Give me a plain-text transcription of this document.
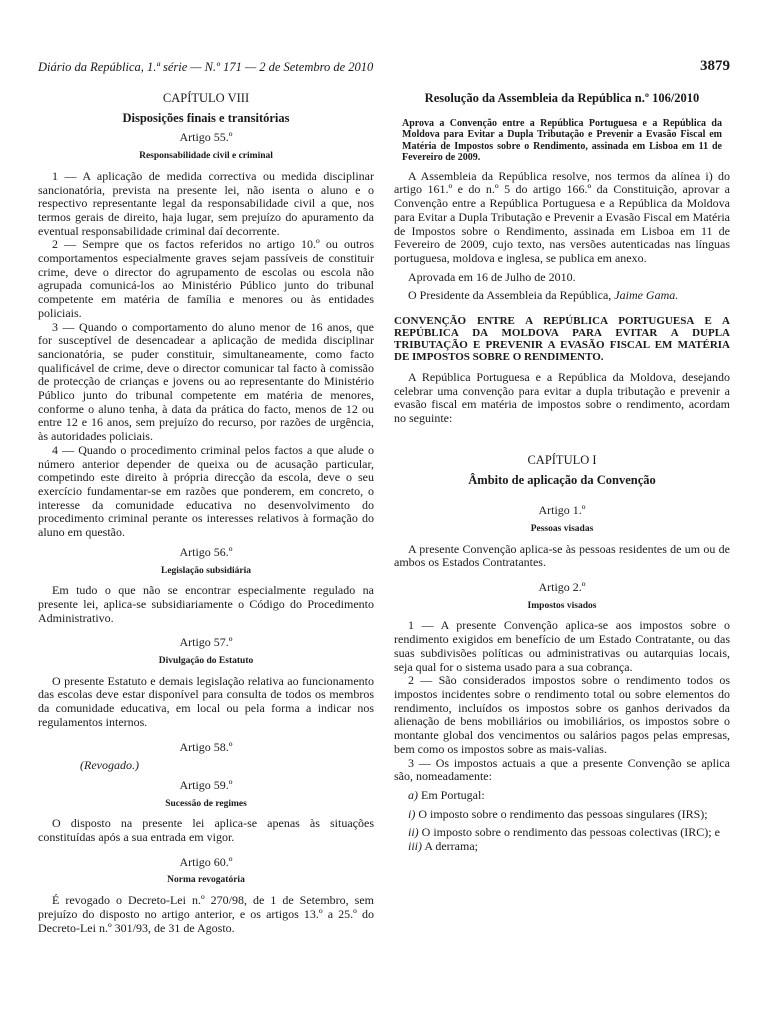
Diário da República, 1.ª série — N.º 171 — 2 de Setembro de 2010	3879
CAPÍTULO VIII
Disposições finais e transitórias
Artigo 55.º
Responsabilidade civil e criminal

1 — A aplicação de medida correctiva ou medida disciplinar sancionatória, prevista na presente lei, não isenta o aluno e o respectivo representante legal da responsabilidade civil a que, nos termos gerais de direito, haja lugar, sem prejuízo do apuramento da eventual responsabilidade criminal daí decorrente.

2 — Sempre que os factos referidos no artigo 10.º ou outros comportamentos especialmente graves sejam passíveis de constituir crime, deve o director do agrupamento de escolas ou escola não agrupada comunicá-los ao Ministério Público junto do tribunal competente em matéria de família e menores ou às entidades policiais.

3 — Quando o comportamento do aluno menor de 16 anos, que for susceptível de desencadear a aplicação de medida disciplinar sancionatória, se puder constituir, simultaneamente, como facto qualificável de crime, deve o director comunicar tal facto à comissão de protecção de crianças e jovens ou ao representante do Ministério Público junto do tribunal competente em matéria de menores, conforme o aluno tenha, à data da prática do facto, menos de 12 ou entre 12 e 16 anos, sem prejuízo do recurso, por razões de urgência, às autoridades policiais.

4 — Quando o procedimento criminal pelos factos a que alude o número anterior depender de queixa ou de acusação particular, competindo este direito à própria direcção da escola, deve o seu exercício fundamentar-se em razões que ponderem, em concreto, o interesse da comunidade educativa no desenvolvimento do procedimento criminal perante os interesses relativos à formação do aluno em questão.

Artigo 56.º
Legislação subsidiária

Em tudo o que não se encontrar especialmente regulado na presente lei, aplica-se subsidiariamente o Código do Procedimento Administrativo.

Artigo 57.º
Divulgação do Estatuto

O presente Estatuto e demais legislação relativa ao funcionamento das escolas deve estar disponível para consulta de todos os membros da comunidade educativa, em local ou pela forma a indicar nos regulamentos internos.

Artigo 58.º

(Revogado.)

Artigo 59.º
Sucessão de regimes

O disposto na presente lei aplica-se apenas às situações constituídas após a sua entrada em vigor.

Artigo 60.º
Norma revogatória

É revogado o Decreto-Lei n.º 270/98, de 1 de Setembro, sem prejuízo do disposto no artigo anterior, e os artigos 13.º a 25.º do Decreto-Lei n.º 301/93, de 31 de Agosto.

Resolução da Assembleia da República n.º 106/2010
Aprova a Convenção entre a República Portuguesa e a República da Moldova para Evitar a Dupla Tributação e Prevenir a Evasão Fiscal em Matéria de Impostos sobre o Rendimento, assinada em Lisboa em 11 de Fevereiro de 2009.

A Assembleia da República resolve, nos termos da alínea i) do artigo 161.º e do n.º 5 do artigo 166.º da Constituição, aprovar a Convenção entre a República Portuguesa e a República da Moldova para Evitar a Dupla Tributação e Prevenir a Evasão Fiscal em Matéria de Impostos sobre o Rendimento, assinada em Lisboa em 11 de Fevereiro de 2009, cujo texto, nas versões autenticadas nas línguas portuguesa, moldova e inglesa, se publica em anexo.

Aprovada em 16 de Julho de 2010.

O Presidente da Assembleia da República, Jaime Gama.

CONVENÇÃO ENTRE A REPÚBLICA PORTUGUESA E A REPÚBLICA DA MOLDOVA PARA EVITAR A DUPLA TRIBUTAÇÃO E PREVENIR A EVASÃO FISCAL EM MATÉRIA DE IMPOSTOS SOBRE O RENDIMENTO.

A República Portuguesa e a República da Moldova, desejando celebrar uma convenção para evitar a dupla tributação e prevenir a evasão fiscal em matéria de impostos sobre o rendimento, acordam no seguinte:

CAPÍTULO I
Âmbito de aplicação da Convenção
Artigo 1.º
Pessoas visadas

A presente Convenção aplica-se às pessoas residentes de um ou de ambos os Estados Contratantes.

Artigo 2.º
Impostos visados

1 — A presente Convenção aplica-se aos impostos sobre o rendimento exigidos em benefício de um Estado Contratante, ou das suas subdivisões políticas ou administrativas ou autarquias locais, seja qual for o sistema usado para a sua cobrança.

2 — São considerados impostos sobre o rendimento todos os impostos incidentes sobre o rendimento total ou sobre elementos do rendimento, incluídos os impostos sobre os ganhos derivados da alienação de bens mobiliários ou imobiliários, os impostos sobre o montante global dos vencimentos ou salários pagos pelas empresas, bem como os impostos sobre as mais-valias.

3 — Os impostos actuais a que a presente Convenção se aplica são, nomeadamente:

a) Em Portugal:

i) O imposto sobre o rendimento das pessoas singulares (IRS);

ii) O imposto sobre o rendimento das pessoas colectivas (IRC); e

iii) A derrama;
